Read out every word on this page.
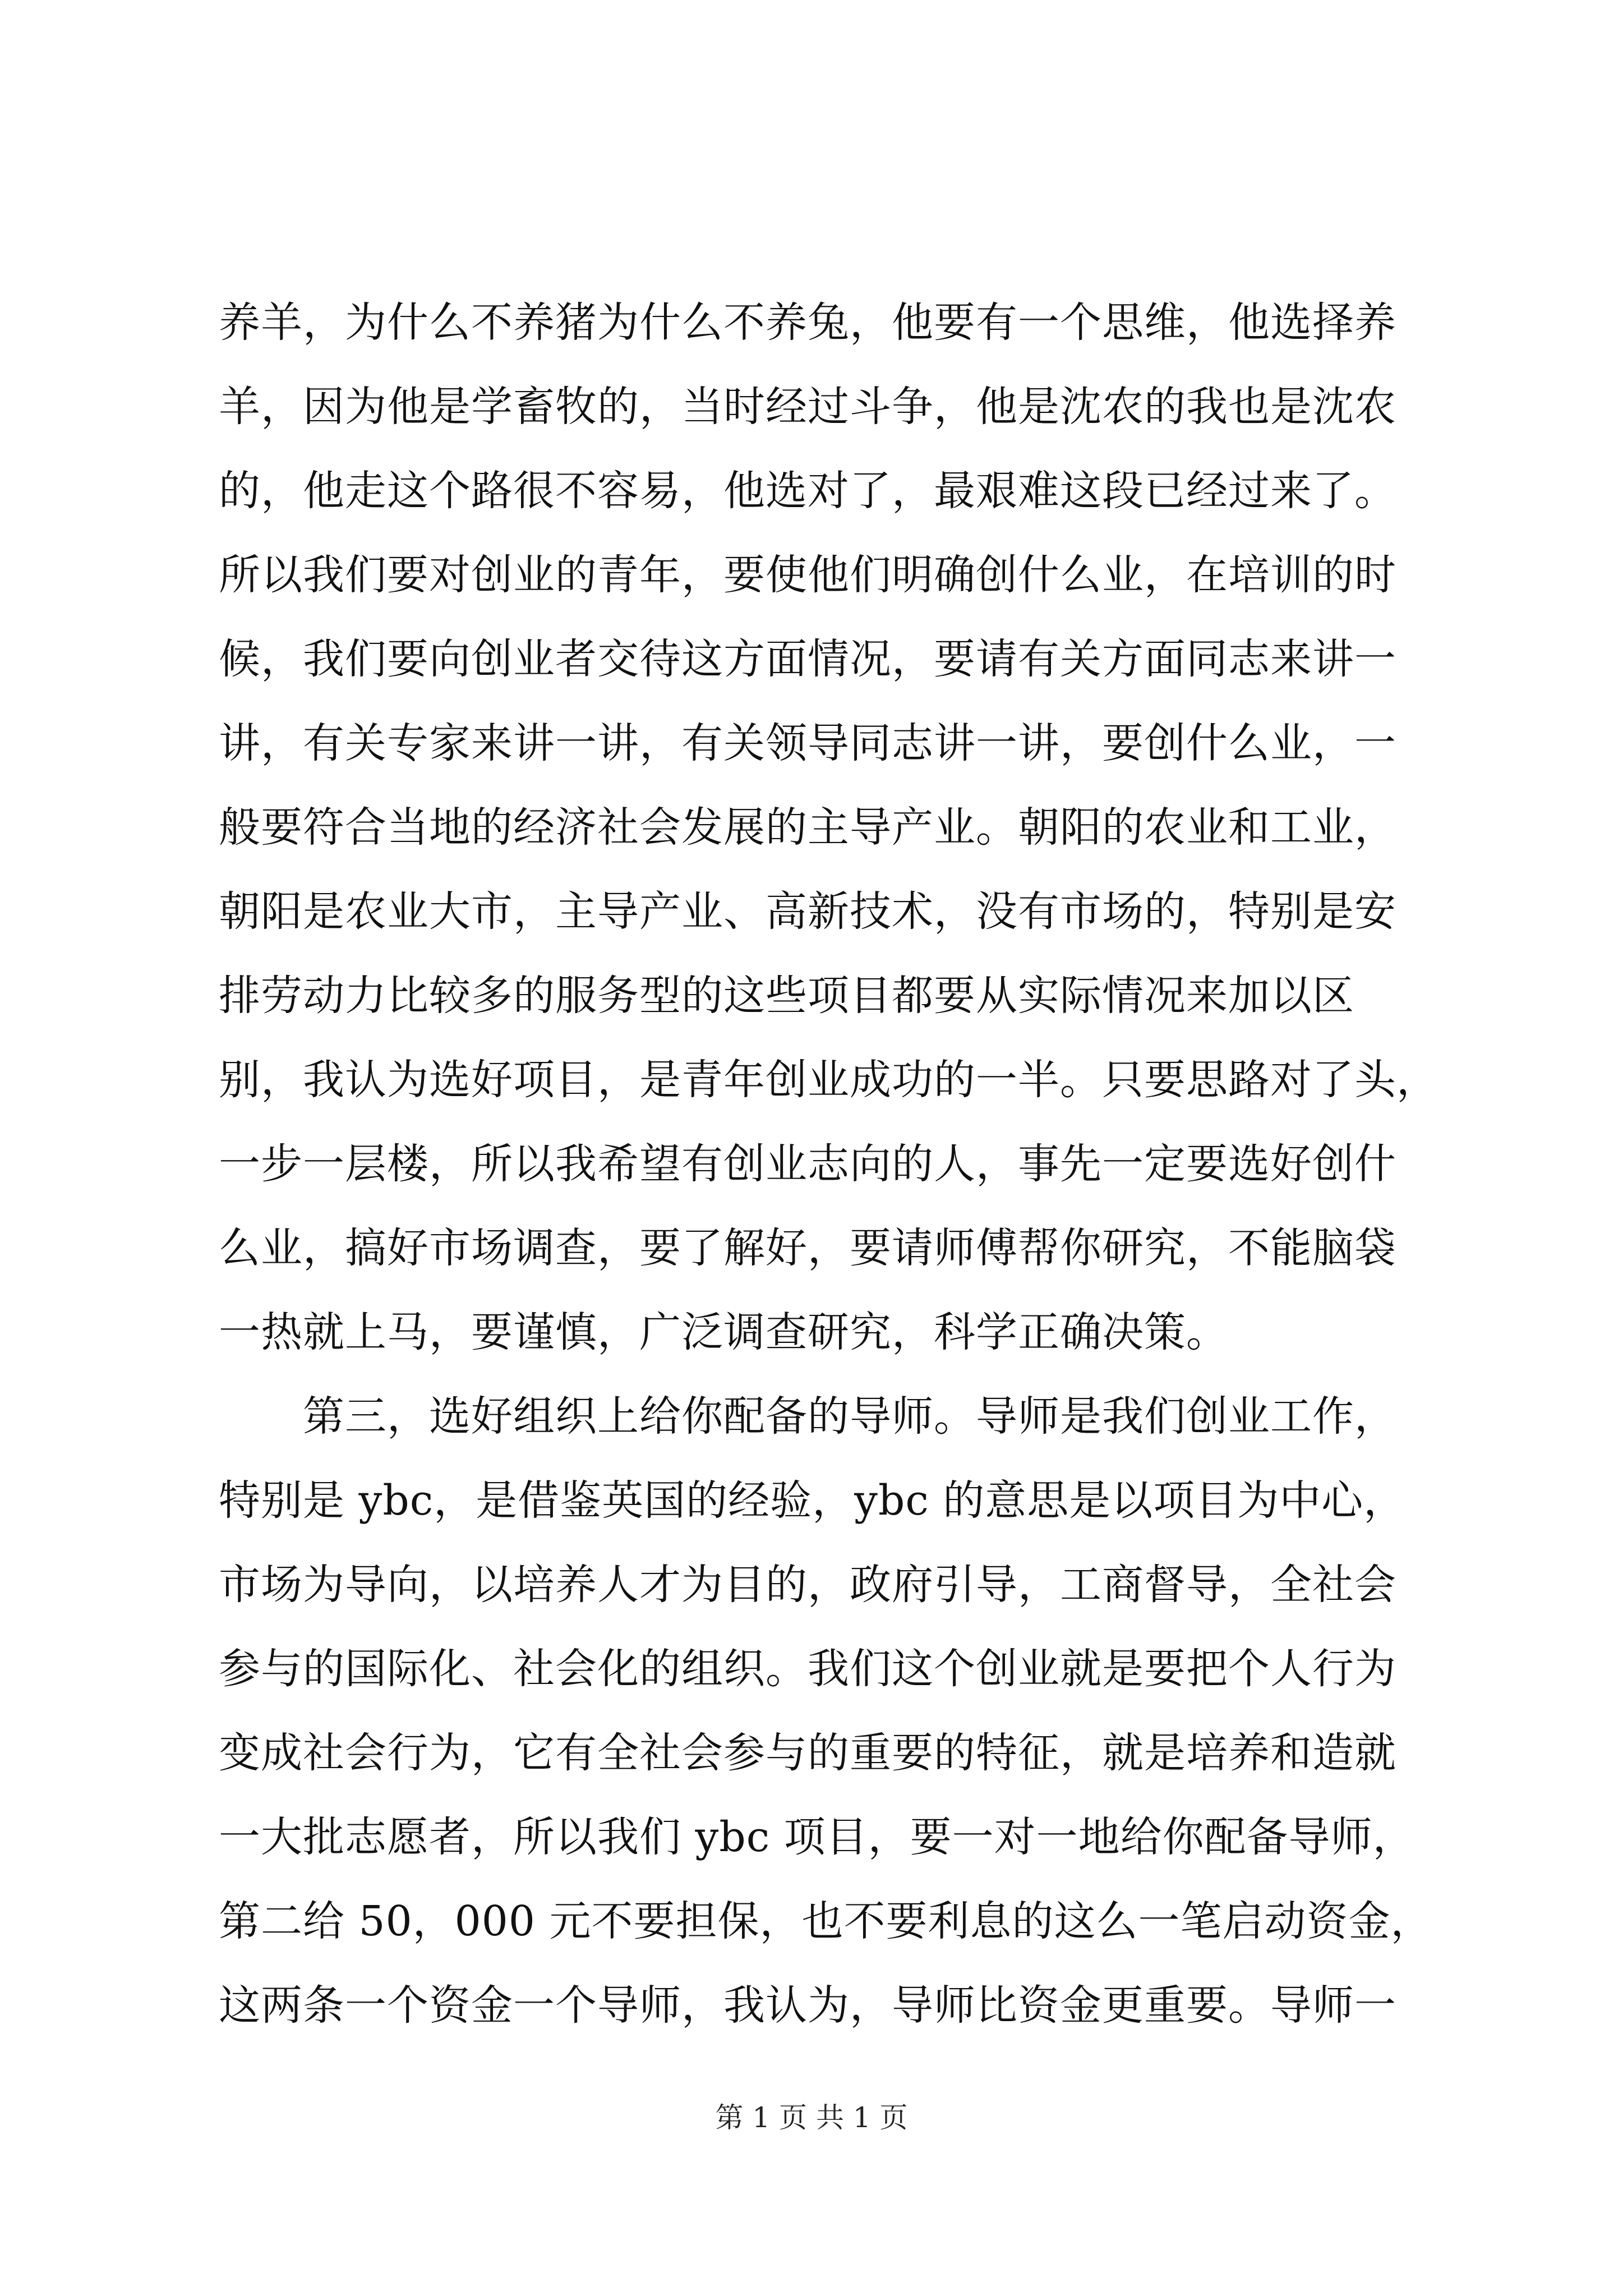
养羊，为什么不养猪为什么不养兔，他要有一个思维，他选择养
羊，因为他是学畜牧的，当时经过斗争，他是沈农的我也是沈农
的，他走这个路很不容易，他选对了，最艰难这段已经过来了。
所以我们要对创业的青年，要使他们明确创什么业，在培训的时
候，我们要向创业者交待这方面情况，要请有关方面同志来讲一
讲，有关专家来讲一讲，有关领导同志讲一讲，要创什么业，一
般要符合当地的经济社会发展的主导产业。朝阳的农业和工业，
朝阳是农业大市，主导产业、高新技术，没有市场的，特别是安
排劳动力比较多的服务型的这些项目都要从实际情况来加以区
别，我认为选好项目，是青年创业成功的一半。只要思路对了头，
一步一层楼，所以我希望有创业志向的人，事先一定要选好创什
么业，搞好市场调查，要了解好，要请师傅帮你研究，不能脑袋
一热就上马，要谨慎，广泛调查研究，科学正确决策。
　　第三，选好组织上给你配备的导师。导师是我们创业工作，
特别是 ybc，是借鉴英国的经验，ybc 的意思是以项目为中心，
市场为导向，以培养人才为目的，政府引导，工商督导，全社会
参与的国际化、社会化的组织。我们这个创业就是要把个人行为
变成社会行为，它有全社会参与的重要的特征，就是培养和造就
一大批志愿者，所以我们 ybc 项目，要一对一地给你配备导师，
第二给 50，000 元不要担保，也不要利息的这么一笔启动资金，
这两条一个资金一个导师，我认为，导师比资金更重要。导师一
第 1 页 共 1 页
